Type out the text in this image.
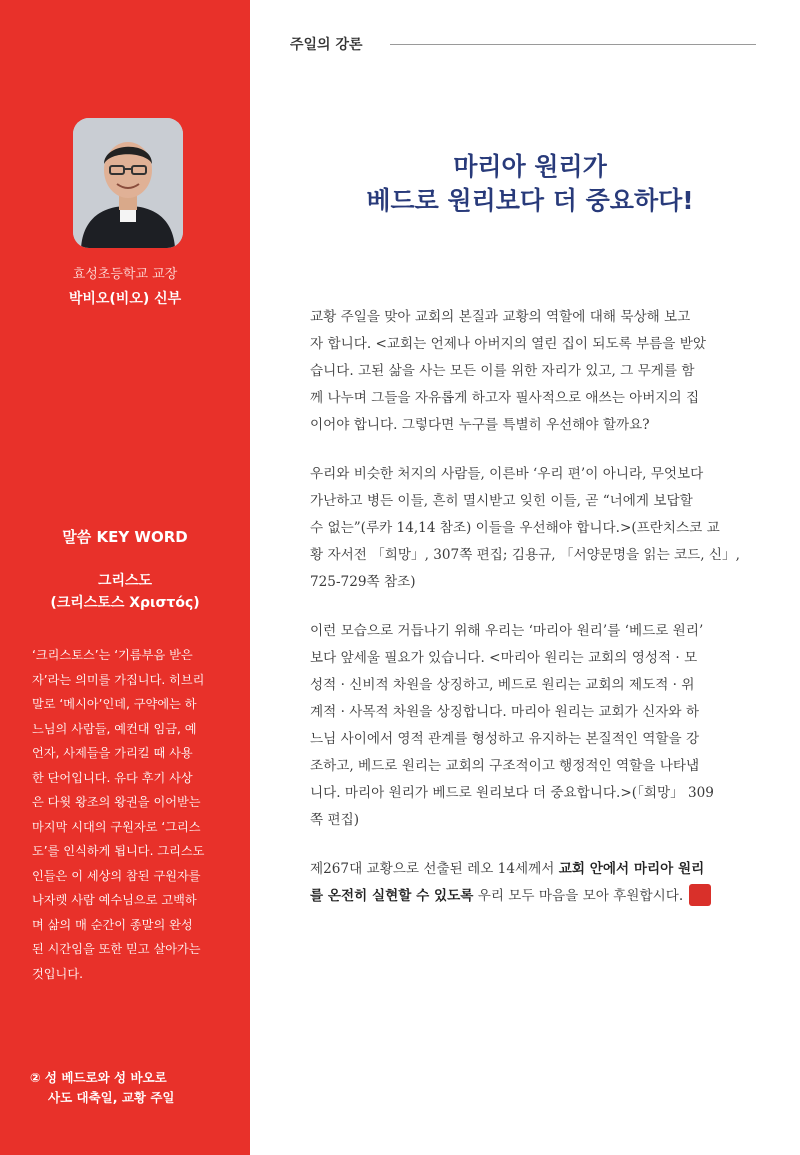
효성초등학교 교장
박비오(비오) 신부
말씀 KEY WORD
그리스도
(크리스토스 Χριστός)
‘크리스토스’는 ‘기름부음 받은
자’라는 의미를 가집니다. 히브리
말로 ‘메시아’인데, 구약에는 하
느님의 사람들, 예컨대 임금, 예
언자, 사제들을 가리킬 때 사용
한 단어입니다. 유다 후기 사상
은 다윗 왕조의 왕권을 이어받는
마지막 시대의 구원자로 ‘그리스
도’를 인식하게 됩니다. 그리스도
인들은 이 세상의 참된 구원자를
나자렛 사람 예수님으로 고백하
며 삶의 매 순간이 종말의 완성
된 시간임을 또한 믿고 살아가는
것입니다.
② 성 베드로와 성 바오로
사도 대축일, 교황 주일
주일의 강론
마리아 원리가
베드로 원리보다 더 중요하다!
교황 주일을 맞아 교회의 본질과 교황의 역할에 대해 묵상해 보고
자 합니다. <교회는 언제나 아버지의 열린 집이 되도록 부름을 받았
습니다. 고된 삶을 사는 모든 이를 위한 자리가 있고, 그 무게를 함
께 나누며 그들을 자유롭게 하고자 필사적으로 애쓰는 아버지의 집
이어야 합니다. 그렇다면 누구를 특별히 우선해야 할까요?
우리와 비슷한 처지의 사람들, 이른바 ‘우리 편’이 아니라, 무엇보다
가난하고 병든 이들, 흔히 멸시받고 잊힌 이들, 곧 “너에게 보답할
수 없는”(루카 14,14 참조) 이들을 우선해야 합니다.>(프란치스코 교
황 자서전 「희망」, 307쪽 편집; 김용규, 「서양문명을 읽는 코드, 신」,
725-729쪽 참조)
이런 모습으로 거듭나기 위해 우리는 ‘마리아 원리’를 ‘베드로 원리’
보다 앞세울 필요가 있습니다. <마리아 원리는 교회의 영성적 · 모
성적 · 신비적 차원을 상징하고, 베드로 원리는 교회의 제도적 · 위
계적 · 사목적 차원을 상징합니다. 마리아 원리는 교회가 신자와 하
느님 사이에서 영적 관계를 형성하고 유지하는 본질적인 역할을 강
조하고, 베드로 원리는 교회의 구조적이고 행정적인 역할을 나타냅
니다. 마리아 원리가 베드로 원리보다 더 중요합니다.>(「희망」 309
쪽 편집)
제267대 교황으로 선출된 레오 14세께서 교회 안에서 마리아 원리
를 온전히 실현할 수 있도록 우리 모두 마음을 모아 후원합시다.
